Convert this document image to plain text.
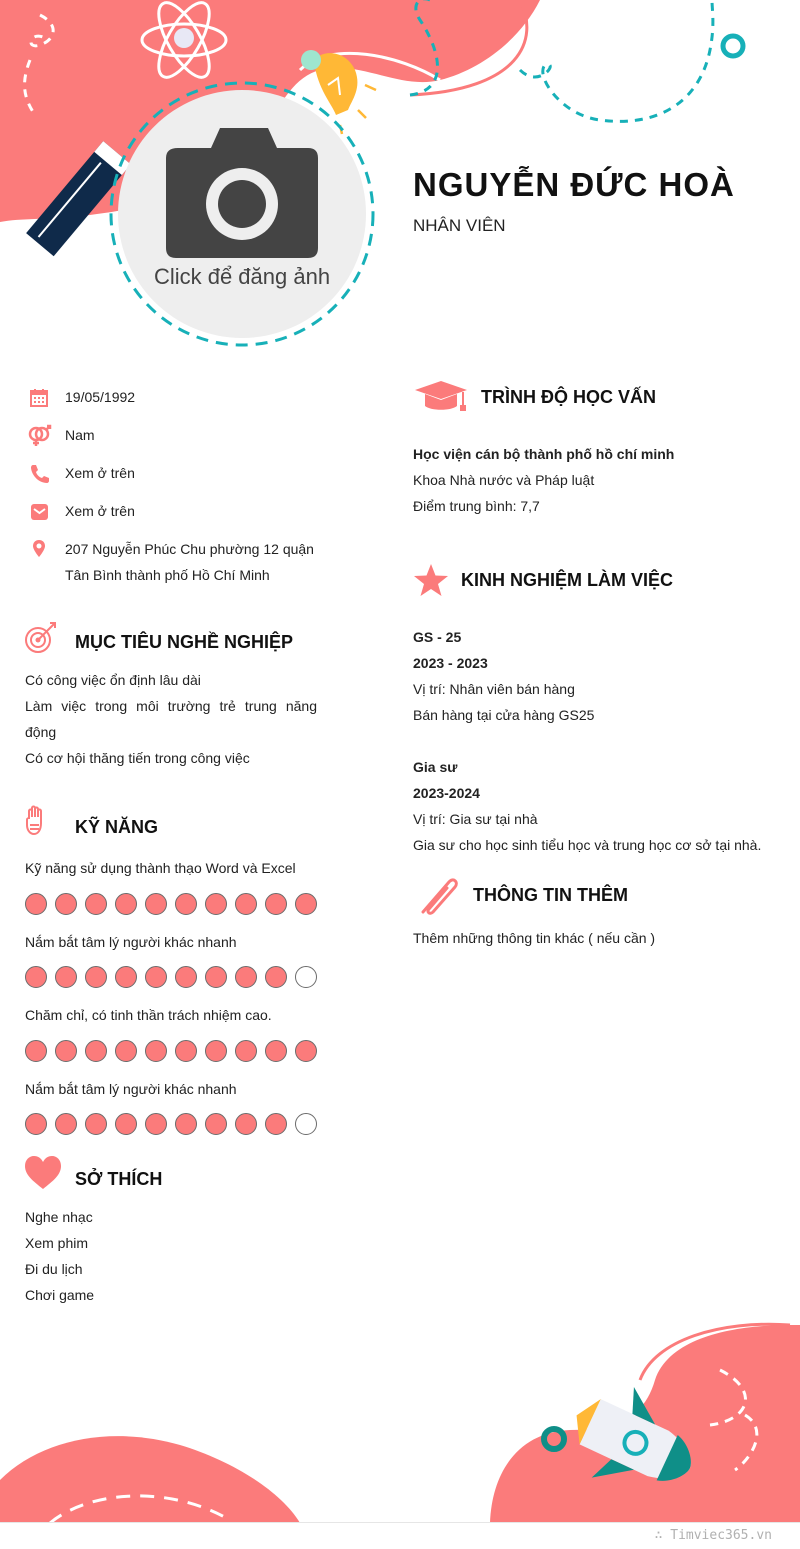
Click để đăng ảnh
NGUYỄN ĐỨC HOÀ
NHÂN VIÊN
19/05/1992
Nam
Xem ở trên
Xem ở trên
207 Nguyễn Phúc Chu phường 12 quận
Tân Bình thành phố Hồ Chí Minh
MỤC TIÊU NGHỀ NGHIỆP
Có công việc ổn định lâu dài
Làm việc trong môi trường trẻ trung năng
động
Có cơ hội thăng tiến trong công việc
KỸ NĂNG
Kỹ năng sử dụng thành thạo Word và Excel
Nắm bắt tâm lý người khác nhanh
Chăm chỉ, có tinh thần trách nhiệm cao.
Nắm bắt tâm lý người khác nhanh
SỞ THÍCH
Nghe nhạc
Xem phim
Đi du lịch
Chơi game
TRÌNH ĐỘ HỌC VẤN
Học viện cán bộ thành phố hồ chí minh
Khoa Nhà nước và Pháp luật
Điểm trung bình: 7,7
KINH NGHIỆM LÀM VIỆC
GS - 25
2023 - 2023
Vị trí: Nhân viên bán hàng
Bán hàng tại cửa hàng GS25
Gia sư
2023-2024
Vị trí: Gia sư tại nhà
Gia sư cho học sinh tiểu học và trung học cơ sở tại nhà.
THÔNG TIN THÊM
Thêm những thông tin khác ( nếu cần )
∴ Timviec365.vn
